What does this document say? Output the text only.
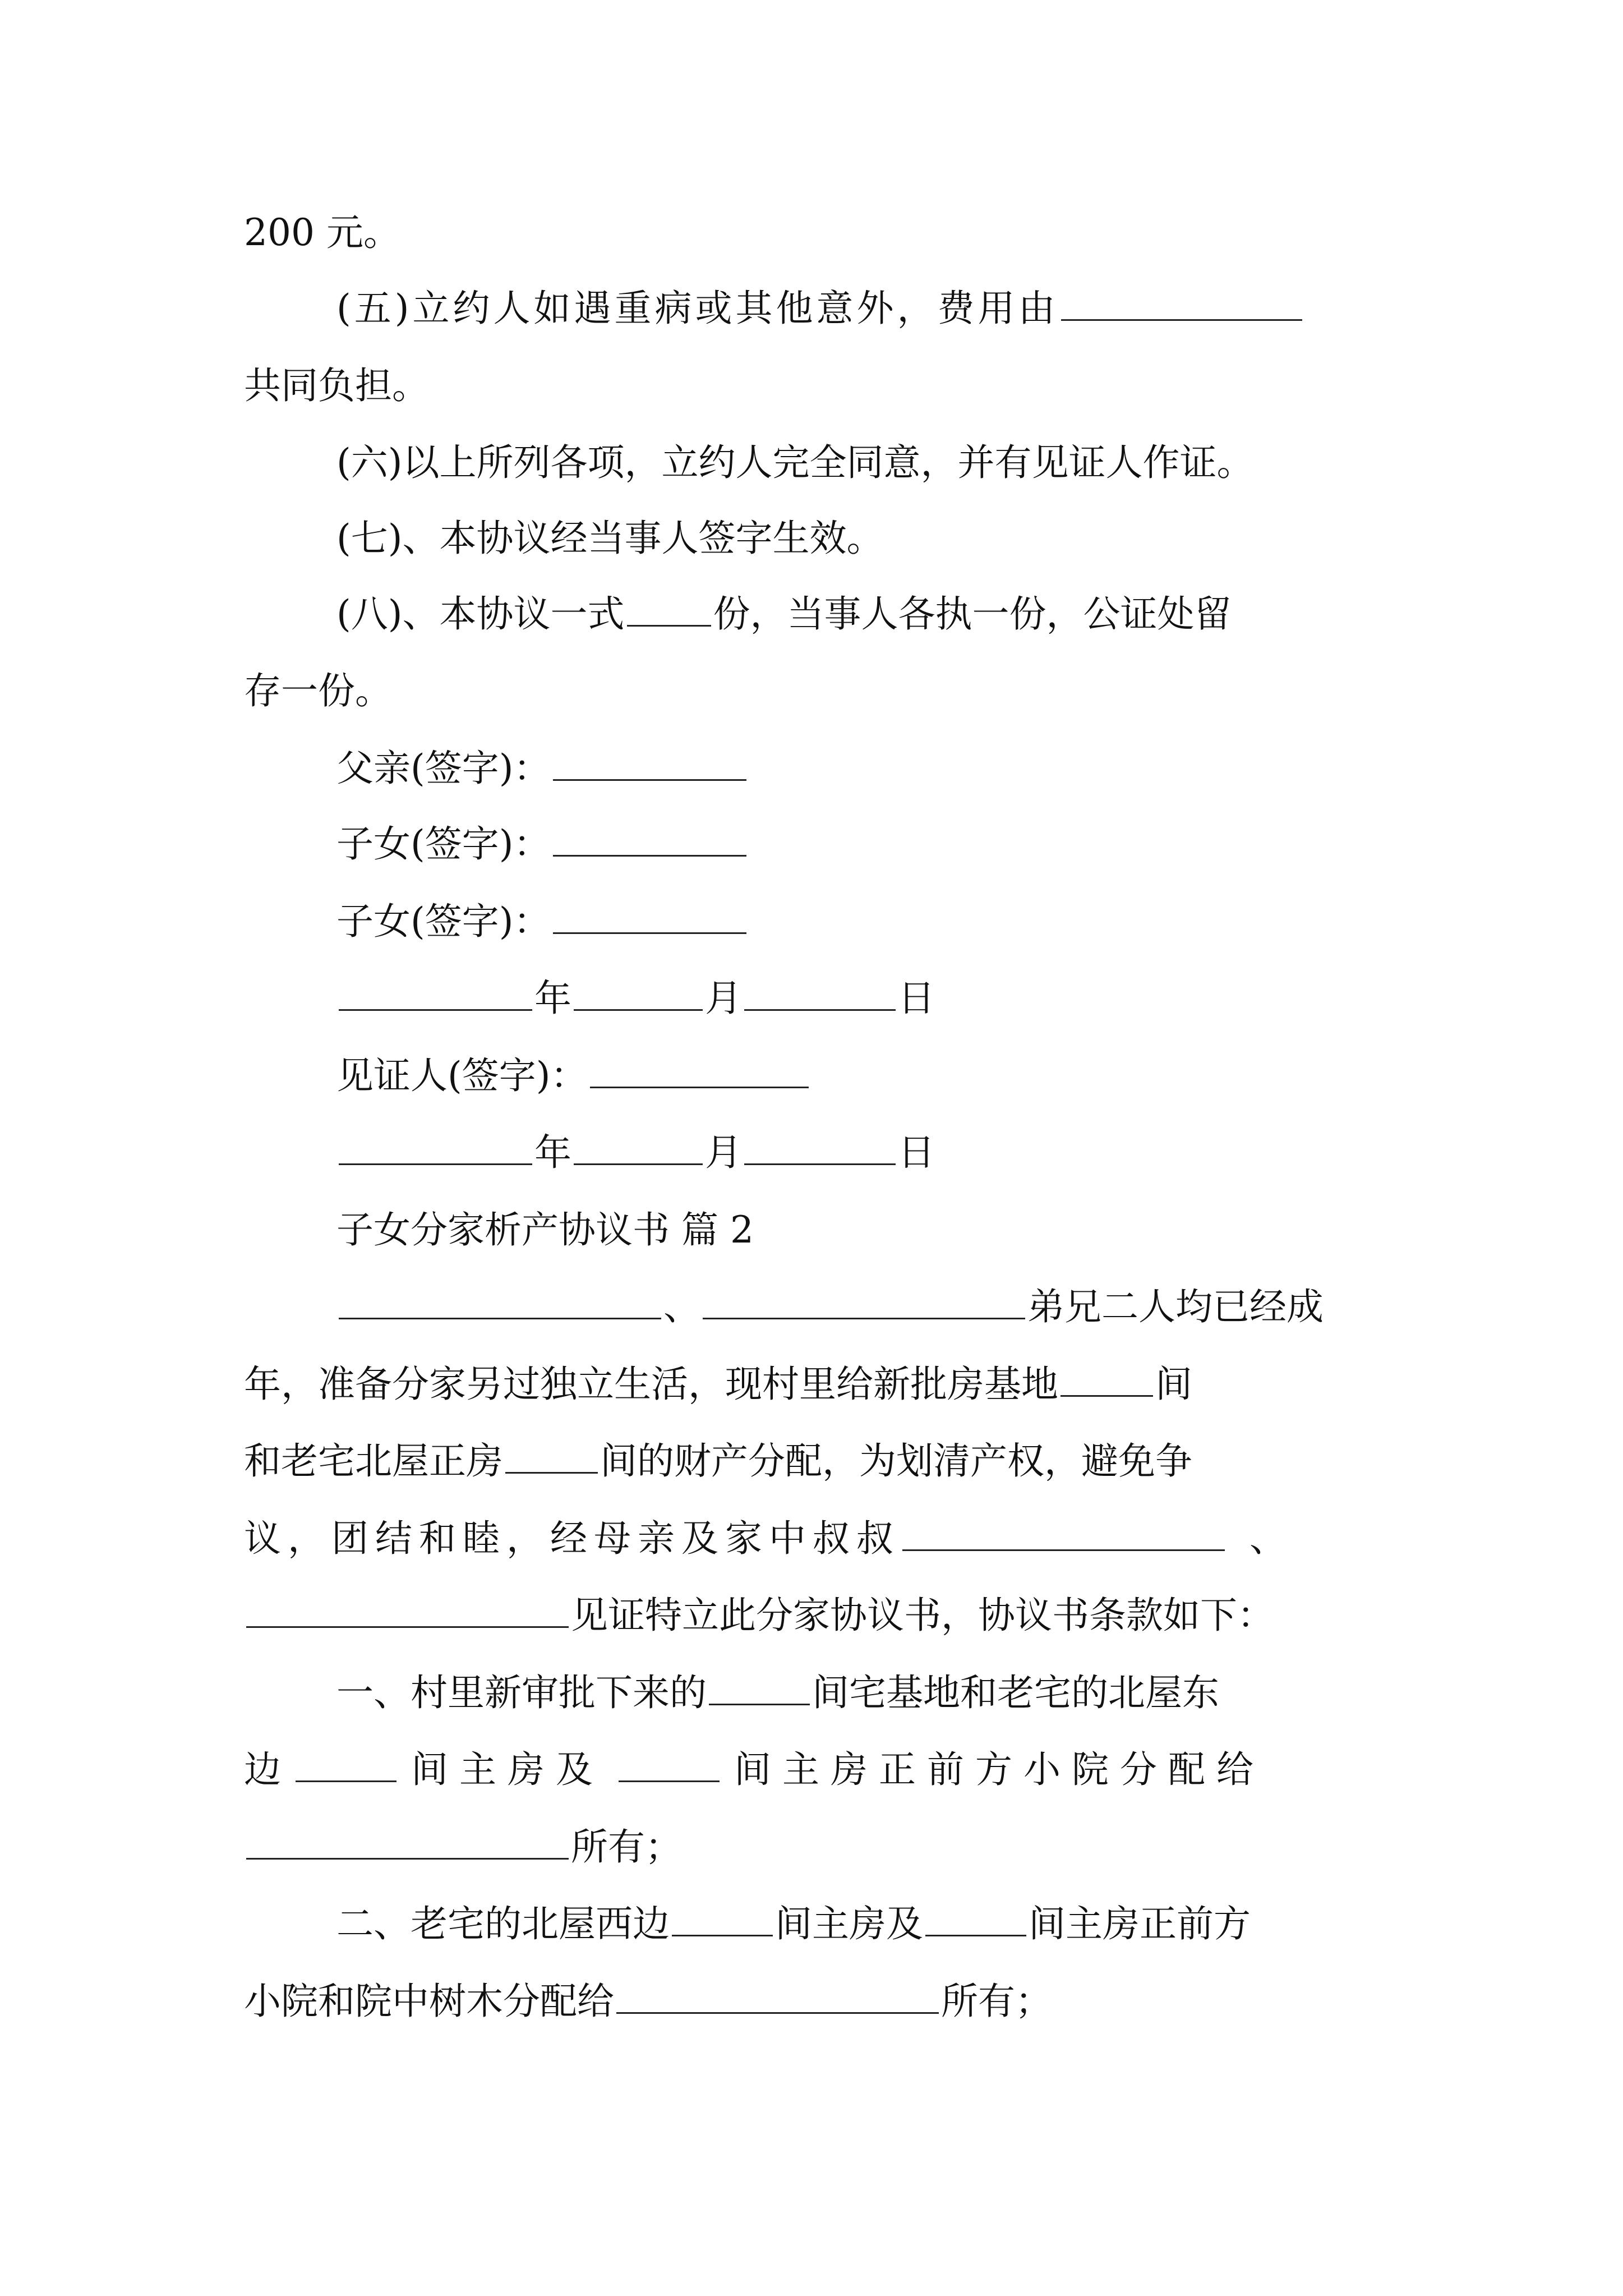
200 元。
(五)立约人如遇重病或其他意外，费用由
共同负担。
(六)以上所列各项，立约人完全同意，并有见证人作证。
(七)、本协议经当事人签字生效。
(八)、本协议一式 份，当事人各执一份，公证处留
存一份。
父亲(签字)：
子女(签字)：
子女(签字)：
年	月	日
见证人(签字)：
年	月	日
子女分家析产协议书 篇 2
、	弟兄二人均已经成
年，准备分家另过独立生活，现村里给新批房基地	间
和老宅北屋正房	间的财产分配，为划清产权，避免争
议，团结和睦，经母亲及家中叔叔	、
见证特立此分家协议书，协议书条款如下：
一、村里新审批下来的	间宅基地和老宅的北屋东
边	间主房及	间主房正前方小院分配给
所有；
二、老宅的北屋西边	间主房及	间主房正前方
小院和院中树木分配给	所有；
